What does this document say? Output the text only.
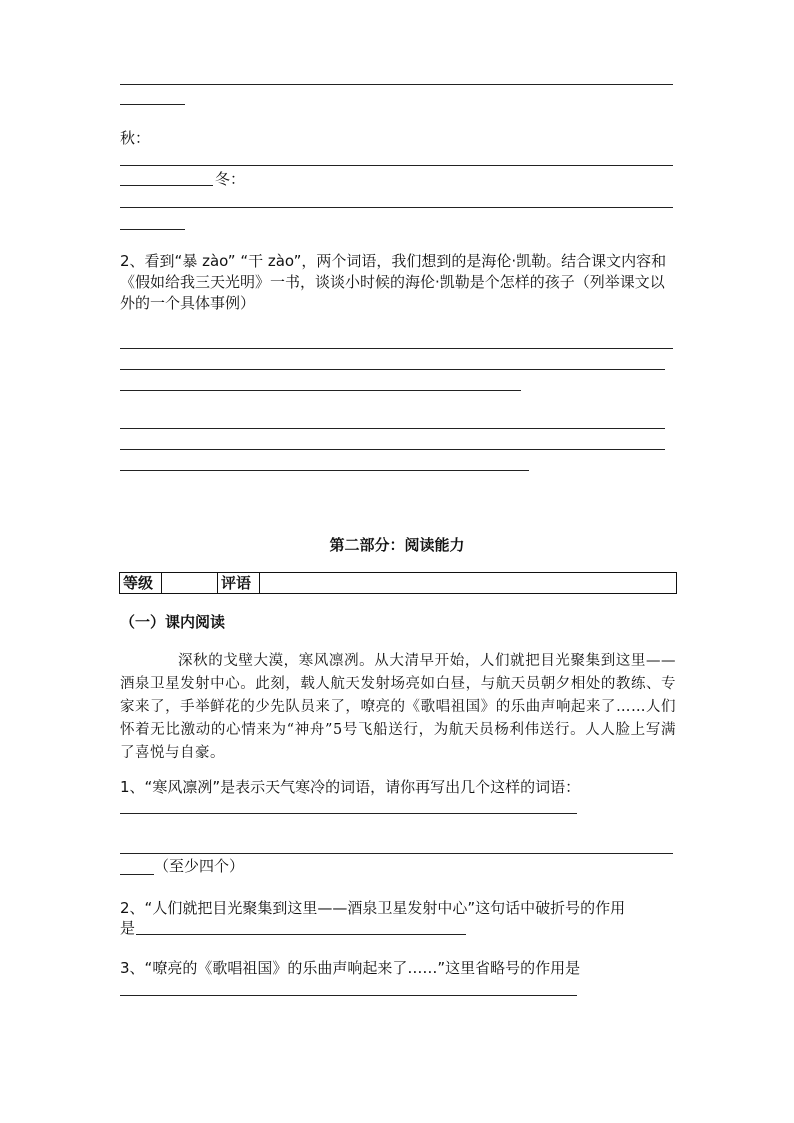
秋：
冬：
2、看到“暴 zào” “干 zào”，两个词语，我们想到的是海伦·凯勒。结合课文内容和《假如给我三天光明》一书，谈谈小时候的海伦·凯勒是个怎样的孩子（列举课文以外的一个具体事例）
第二部分：阅读能力
等级	评语
（一）课内阅读

深秋的戈壁大漠，寒风凛冽。从大清早开始，人们就把目光聚集到这里——酒泉卫星发射中心。此刻，载人航天发射场亮如白昼，与航天员朝夕相处的教练、专家来了，手举鲜花的少先队员来了，嘹亮的《歌唱祖国》的乐曲声响起来了……人们怀着无比激动的心情来为“神舟”5号飞船送行，为航天员杨利伟送行。人人脸上写满了喜悦与自豪。

1、“寒风凛冽”是表示天气寒冷的词语，请你再写出几个这样的词语：
（至少四个）
2、“人们就把目光聚集到这里——酒泉卫星发射中心”这句话中破折号的作用
是
3、“嘹亮的《歌唱祖国》的乐曲声响起来了……”这里省略号的作用是
